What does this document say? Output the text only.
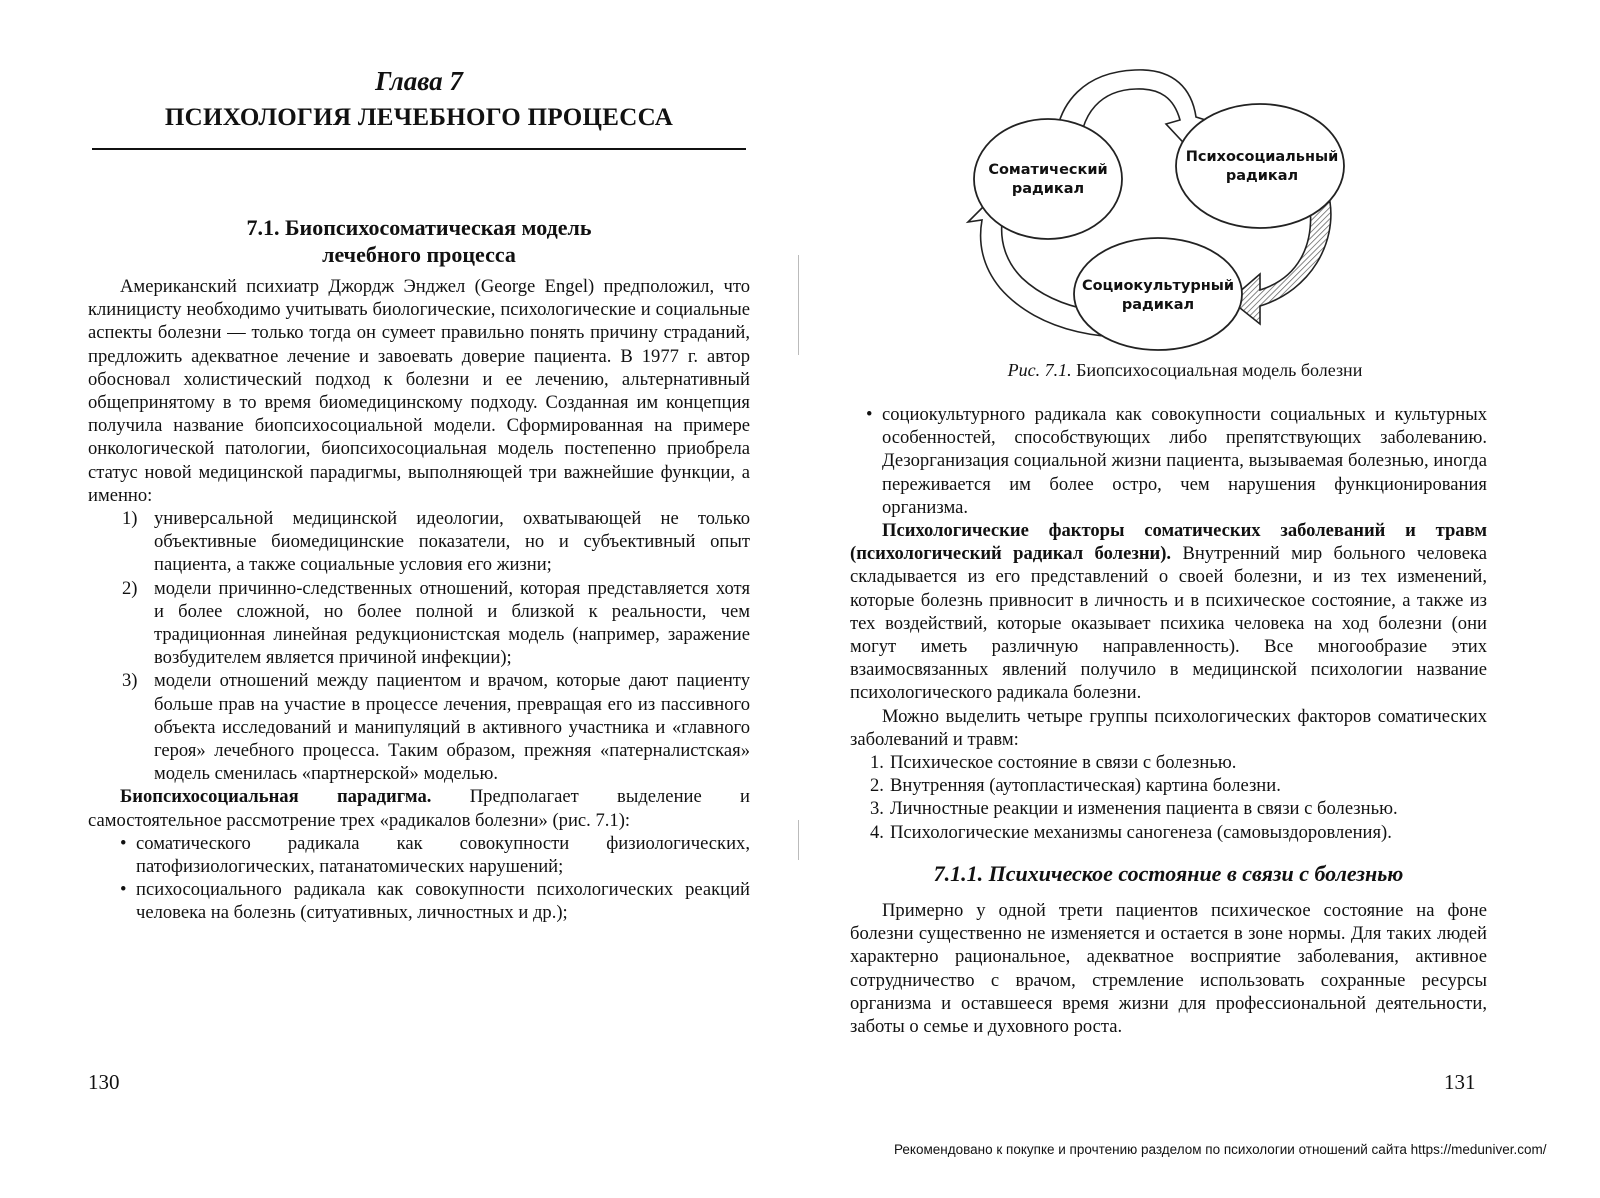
Глава 7
ПСИХОЛОГИЯ ЛЕЧЕБНОГО ПРОЦЕССА
7.1. Биопсихосоматическая модель
лечебного процесса

Американский психиатр Джордж Энджел (George Engel) предположил, что клиницисту необходимо учитывать биологические, психологические и социальные аспекты болезни — только тогда он сумеет правильно понять причину страданий, предложить адекватное лечение и завоевать доверие пациента. В 1977 г. автор обосновал холистический подход к болезни и ее лечению, альтернативный общепринятому в то время биомедицинскому подходу. Созданная им концепция получила название биопсихосоциальной модели. Сформированная на примере онкологической патологии, биопсихосоциальная модель постепенно приобрела статус новой медицинской парадигмы, выполняющей три важнейшие функции, а именно:

1) универсальной медицинской идеологии, охватывающей не только объективные биомедицинские показатели, но и субъективный опыт пациента, а также социальные условия его жизни;
2) модели причинно-следственных отношений, которая представляется хотя и более сложной, но более полной и близкой к реальности, чем традиционная линейная редукционистская модель (например, заражение возбудителем является причиной инфекции);
3) модели отношений между пациентом и врачом, которые дают пациенту больше прав на участие в процессе лечения, превращая его из пассивного объекта исследований и манипуляций в активного участника и «главного героя» лечебного процесса. Таким образом, прежняя «патерналистская» модель сменилась «партнерской» моделью.

Биопсихосоциальная парадигма. Предполагает выделение и самостоятельное рассмотрение трех «радикалов болезни» (рис. 7.1):

• соматического радикала как совокупности физиологических, патофизиологических, патанатомических нарушений;
• психосоциального радикала как совокупности психологических реакций человека на болезнь (ситуативных, личностных и др.);
130
Соматический
радикал
Психосоциальный
радикал
Социокультурный
радикал
Рис. 7.1. Биопсихосоциальная модель болезни
• социокультурного радикала как совокупности социальных и культурных особенностей, способствующих либо препятствующих заболеванию. Дезорганизация социальной жизни пациента, вызываемая болезнью, иногда переживается им более остро, чем нарушения функционирования организма.

Психологические факторы соматических заболеваний и травм (психологический радикал болезни). Внутренний мир больного человека складывается из его представлений о своей болезни, и из тех изменений, которые болезнь привносит в личность и в психическое состояние, а также из тех воздействий, которые оказывает психика человека на ход болезни (они могут иметь различную направленность). Все многообразие этих взаимосвязанных явлений получило в медицинской психологии название психологического радикала болезни.

Можно выделить четыре группы психологических факторов соматических заболеваний и травм:

1. Психическое состояние в связи с болезнью.
2. Внутренняя (аутопластическая) картина болезни.
3. Личностные реакции и изменения пациента в связи с болезнью.
4. Психологические механизмы саногенеза (самовыздоровления).
7.1.1. Психическое состояние в связи с болезнью

Примерно у одной трети пациентов психическое состояние на фоне болезни существенно не изменяется и остается в зоне нормы. Для таких людей характерно рациональное, адекватное восприятие заболевания, активное сотрудничество с врачом, стремление использовать сохранные ресурсы организма и оставшееся время жизни для профессиональной деятельности, заботы о семье и духовного роста.

131
Рекомендовано к покупке и прочтению разделом по психологии отношений сайта https://meduniver.com/
